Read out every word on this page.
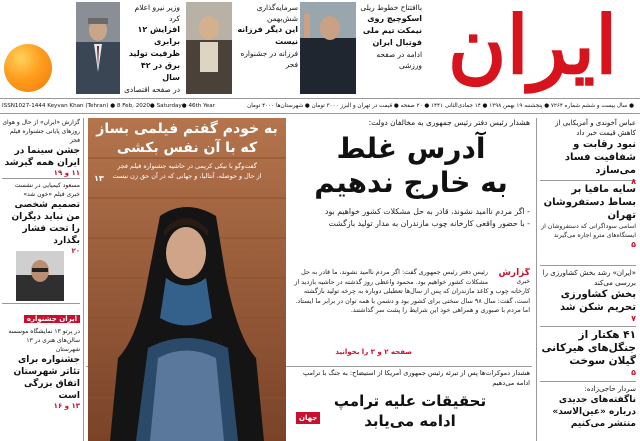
وزیر نیرو اعلام کرد
افزایش ۱۲ برابری ظرفیت تولید برق در ۴۲ سال
در صفحه اقتصادی
سرمایه‌گذاری شش‌بهمن
این دیگر فرزانه نیست
فرزانه در جشنواره فجر
باافتتاح خطوط ریلی
اسکوچیچ روی نیمکت تیم ملی فوتبال ایران
ادامه در صفحه ورزشی ایران
ISSN1027-1444 Keyvan Khan (Tehran) ● 8 Feb, 2020● Saturday● 46th Year	● سال بیست و ششم شماره ۷۲۶۴ ● پنجشنبه ۱۹ بهمن ۱۳۹۸ ● ۱۴ جمادی‌الثانی ۱۴۴۱ ● ۲۰ صفحه ● قیمت در تهران و البرز ۳۰۰۰ تومان ● شهرستان‌ها ۴۰۰۰ تومان
عباس آخوندی و آمریکایی از کاهش قیمت خبر داد
نبود رقابت و شفافیت فساد می‌سازد
۸
سایه مافیا بر بساط دستفروشان تهران
اسامی سوداگرانی که دستفروشان از ایستگاه‌های مترو اجاره می‌گیرند
۵
«ایران» رشد بخش کشاورزی را بررسی می‌کند
بخش کشاورزی تحریم شکن شد
۷
۴۱ هکتار از جنگل‌های هیرکانی گیلان سوخت
۵
سردار حاجی‌زاده:
ناگفته‌های جدیدی درباره «عین‌الاسد» منتشر می‌کنیم
هشدار رئیس دفتر رئیس جمهوری به مخالفان دولت:
آدرس غلط
به خارج ندهیم
- اگر مردم ناامید نشوند، قادر به حل مشکلات کشور خواهیم بود
- با حضور واقعی کارخانه چوب مازندران به مدار تولید بازگشت
گزارش
خبری
رئیس دفتر رئیس جمهوری گفت: اگر مردم ناامید نشوند، ما قادر به حل مشکلات کشور خواهیم بود. محمود واعظی روز گذشته در حاشیه بازدید از کارخانه چوب و کاغذ مازندران که پس از سال‌ها تعطیلی دوباره به چرخه تولید بازگشته است، گفت: سال ۹۸ سال سختی برای کشور بود و دشمن با همه توان در برابر ما ایستاد. اما مردم با صبوری و همراهی خود این شرایط را پشت سر گذاشتند.
صفحه ۲ و ۳ را بخوانید
هشدار دموکرات‌ها پس از تبرئه رئیس جمهوری آمریکا از استیضاح: به جنگ با ترامپ ادامه می‌دهیم
تحقیقات علیه ترامپ
ادامه می‌یابد
جهان
به خودم گفتم فیلمی بساز
که با آن نفس بکشی
گفت‌وگو با نیکی کریمی در حاشیه جشنواره فیلم فجر
از حال و حوصله، آنتالیا، و جهانی که در آن حق زن نیست
۱۳
گزارش «ایران» از حال و هوای روزهای پایانی جشنواره فیلم فجر
جشن سینما در ایران همه گیرشد
۱۱ و ۱۹
مسعود کیمیایی در نشست خبری فیلم «خون شد»
تصمیم شخصی من نباید دیگران را تحت فشار بگذارد
۲۰
ایران جشنواره
در پرتو ۱۳ نمایشگاه موسسه سالن‌های هنری در ۱۳ شهرستان
جشنواره برای تئاتر شهرستان اتفاق بزرگی است
۱۳ و ۱۶
